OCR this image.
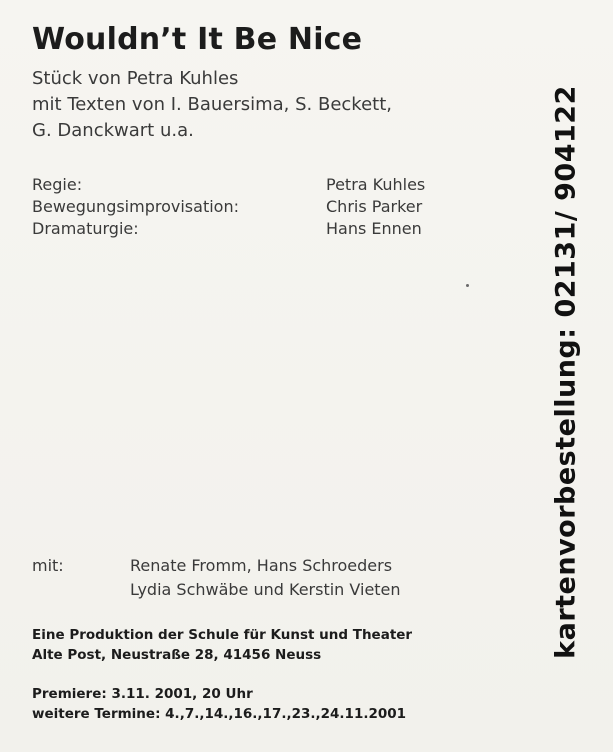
Wouldn’t It Be Nice
Stück von Petra Kuhles
mit Texten von I. Bauersima, S. Beckett,
G. Danckwart u.a.
Regie:	Petra Kuhles
Bewegungsimprovisation:	Chris Parker
Dramaturgie:	Hans Ennen
mit:	Renate Fromm, Hans Schroeders
Lydia Schwäbe und Kerstin Vieten
Eine Produktion der Schule für Kunst und Theater
Alte Post, Neustraße 28, 41456 Neuss
Premiere: 3.11. 2001, 20 Uhr
weitere Termine: 4.,7.,14.,16.,17.,23.,24.11.2001
kartenvorbestellung: 02131/ 904122
